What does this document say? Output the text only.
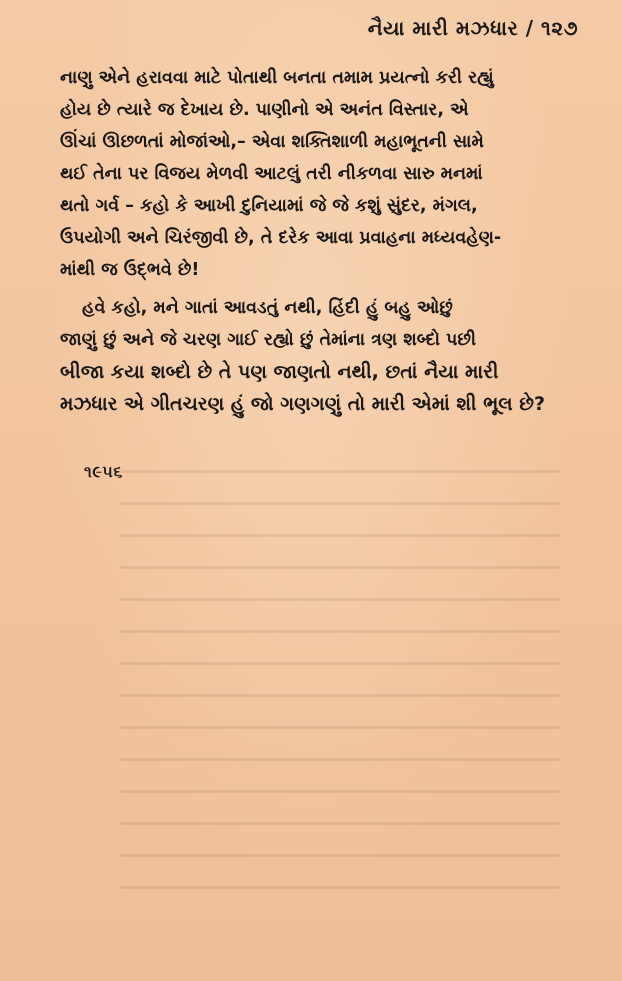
નૈયા મારી મઝધાર / ૧૨૭
નાણુ એને હરાવવા માટે પોતાથી બનતા તમામ પ્રયત્નો કરી રહ્યું
હોય છે ત્યારે જ દેખાય છે. પાણીનો એ અનંત વિસ્તાર, એ
ઊંચાં ઊછળતાં મોજાંઓ,– એવા શક્તિશાળી મહાભૂતની સામે
થઈ તેના પર વિજય મેળવી આટલું તરી નીકળવા સારુ મનમાં
થતો ગર્વ – કહો કે આખી દુનિયામાં જે જે કશું સુંદર, મંગલ,
ઉપયોગી અને ચિરંજીવી છે, તે દરેક આવા પ્રવાહના મધ્યવહેણ-
માંથી જ ઉદ્ભવે છે!
હવે કહો, મને ગાતાં આવડતું નથી, હિંદી હું બહુ ઓછું
જાણું છું અને જે ચરણ ગાઈ રહ્યો છું તેમાંના ત્રણ શબ્દો પછી
બીજા કયા શબ્દો છે તે પણ જાણતો નથી, છતાં નૈયા મારી
મઝધાર એ ગીતચરણ હું જો ગણગણું તો મારી એમાં શી ભૂલ છે?
૧૯૫૬
